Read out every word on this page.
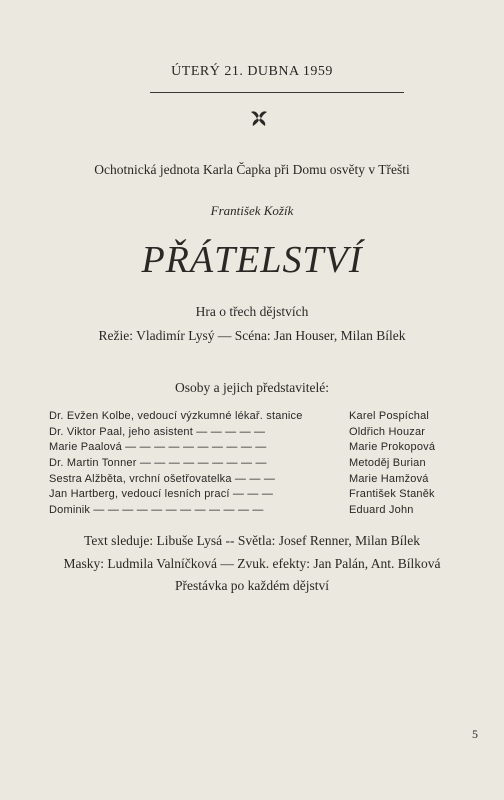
ÚTERÝ 21. DUBNA 1959
Ochotnická jednota Karla Čapka při Domu osvěty v Třešti
František Kožík
PŘÁTELSTVÍ
Hra o třech dějstvích
Režie: Vladimír Lysý — Scéna: Jan Houser, Milan Bílek
Osoby a jejich představitelé:
Dr. Evžen Kolbe, vedoucí výzkumné lékař. stanice	Karel Pospíchal
Dr. Viktor Paal, jeho asistent — — — — —	Oldřich Houzar
Marie Paalová — — — — — — — — — —	Marie Prokopová
Dr. Martin Tonner — — — — — — — — —	Metoděj Burian
Sestra Alžběta, vrchní ošetřovatelka — — —	Marie Hamžová
Jan Hartberg, vedoucí lesních prací — — —	František Staněk
Dominik — — — — — — — — — — — —	Eduard John
Text sleduje: Libuše Lysá -- Světla: Josef Renner, Milan Bílek
Masky: Ludmila Valníčková — Zvuk. efekty: Jan Palán, Ant. Bílková
Přestávka po každém dějství
5
